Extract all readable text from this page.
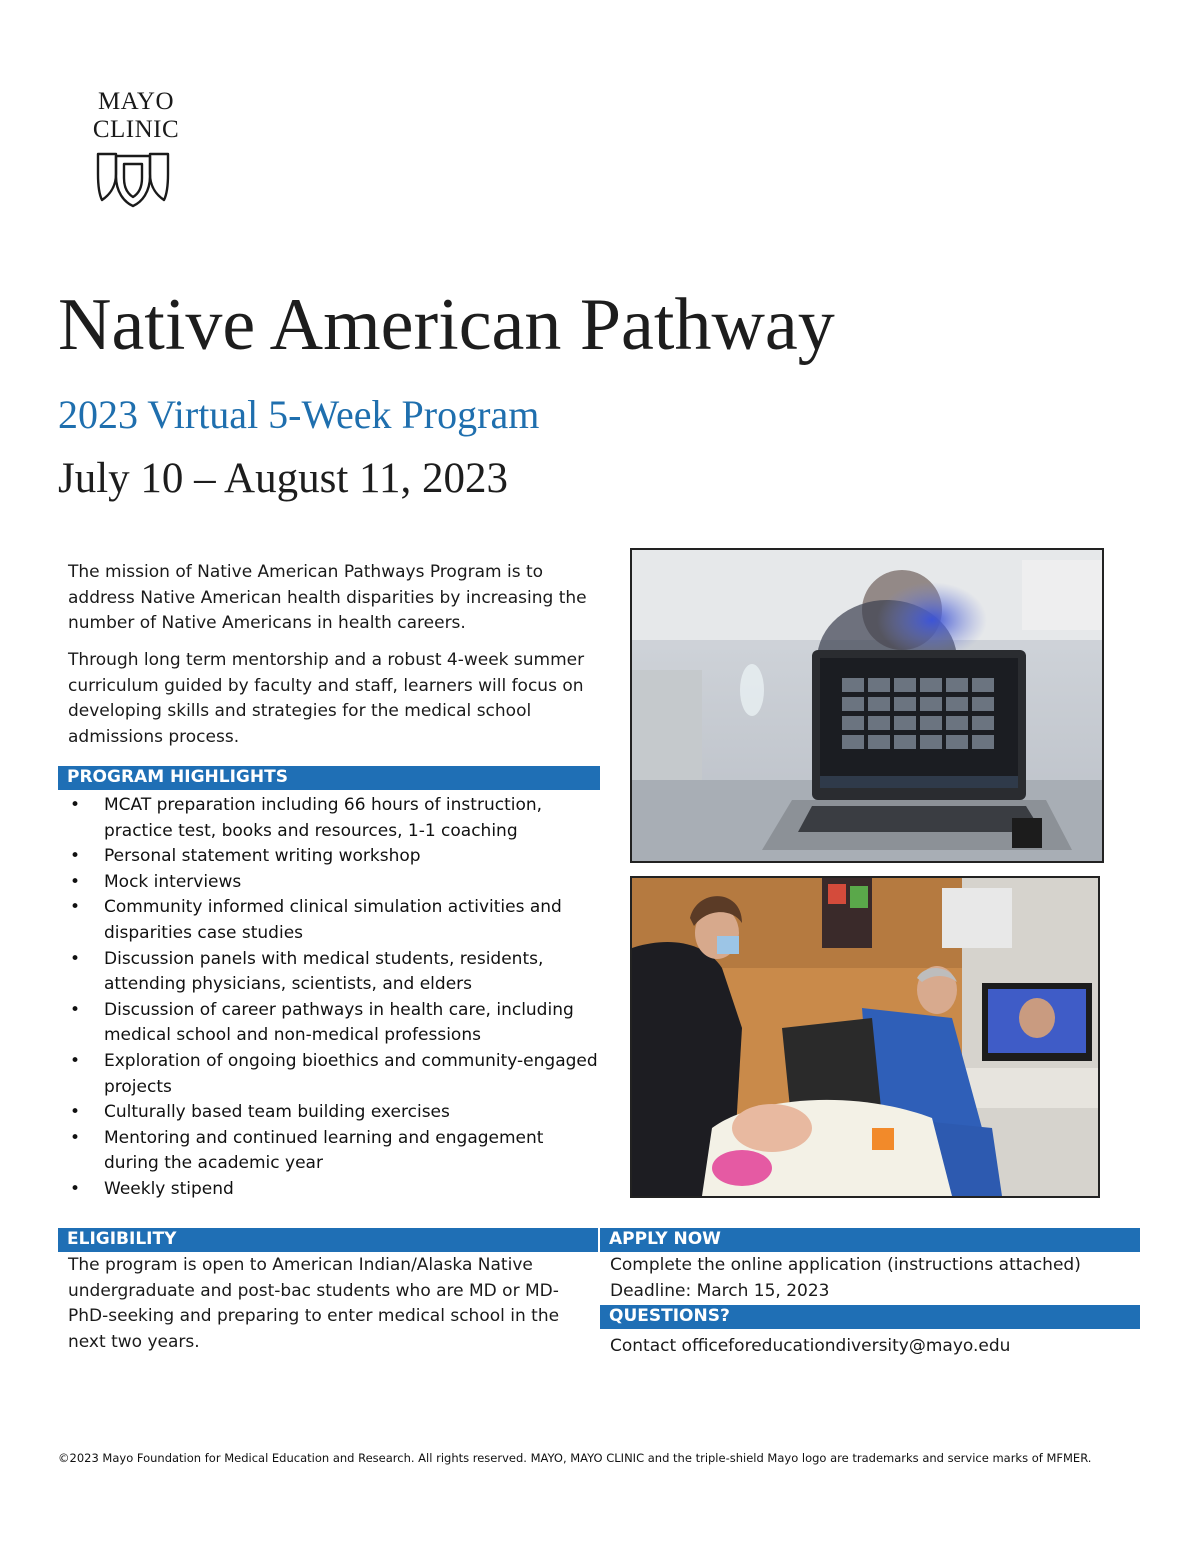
MAYO
CLINIC
Native American Pathway
2023 Virtual 5-Week Program
July 10 – August 11, 2023

The mission of Native American Pathways Program is to address Native American health disparities by increasing the number of Native Americans in health careers.

Through long term mentorship and a robust 4-week summer curriculum guided by faculty and staff, learners will focus on developing skills and strategies for the medical school admissions process.

PROGRAM HIGHLIGHTS
• MCAT preparation including 66 hours of instruction, practice test, books and resources, 1-1 coaching
• Personal statement writing workshop
• Mock interviews
• Community informed clinical simulation activities and disparities case studies
• Discussion panels with medical students, residents, attending physicians, scientists, and elders
• Discussion of career pathways in health care, including medical school and non-medical professions
• Exploration of ongoing bioethics and community-engaged projects
• Culturally based team building exercises
• Mentoring and continued learning and engagement during the academic year
• Weekly stipend
ELIGIBILITY

The program is open to American Indian/Alaska Native undergraduate and post-bac students who are MD or MD-PhD-seeking and preparing to enter medical school in the next two years.

APPLY NOW

Complete the online application (instructions attached)

Deadline: March 15, 2023

QUESTIONS?

Contact officeforeducationdiversity@mayo.edu

©2023 Mayo Foundation for Medical Education and Research. All rights reserved. MAYO, MAYO CLINIC and the triple-shield Mayo logo are trademarks and service marks of MFMER.
